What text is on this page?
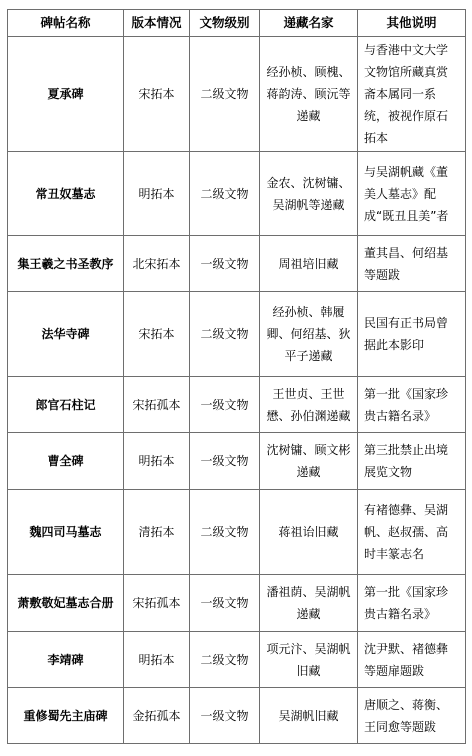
碑帖名称	版本情况	文物级别	递藏名家	其他说明
夏承碑	宋拓本	二级文物	经孙桢、顾槐、蒋韵涛、顾沅等递藏	与香港中文大学文物馆所藏真赏斋本属同一系统，被视作原石拓本
常丑奴墓志	明拓本	二级文物	金农、沈树镛、吴湖帆等递藏	与吴湖帆藏《董美人墓志》配成“既丑且美”者
集王羲之书圣教序	北宋拓本	一级文物	周祖培旧藏	董其昌、何绍基等题跋
法华寺碑	宋拓本	二级文物	经孙桢、韩履卿、何绍基、狄平子递藏	民国有正书局曾据此本影印
郎官石柱记	宋拓孤本	一级文物	王世贞、王世懋、孙伯渊递藏	第一批《国家珍贵古籍名录》
曹全碑	明拓本	一级文物	沈树镛、顾文彬递藏	第三批禁止出境展览文物
魏四司马墓志	清拓本	二级文物	蒋祖诒旧藏	有褚德彝、吴湖帆、赵叔孺、高时丰篆志名
萧敷敬妃墓志合册	宋拓孤本	一级文物	潘祖荫、吴湖帆递藏	第一批《国家珍贵古籍名录》
李靖碑	明拓本	二级文物	项元汴、吴湖帆旧藏	沈尹默、褚德彝等题扉题跋
重修蜀先主庙碑	金拓孤本	一级文物	吴湖帆旧藏	唐顺之、蒋衡、王同愈等题跋
